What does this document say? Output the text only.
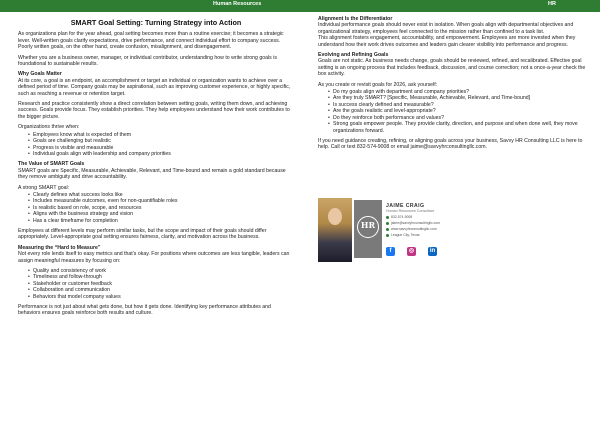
Human Resources	HR
SMART Goal Setting: Turning Strategy into Action

As organizations plan for the year ahead, goal setting becomes more than a routine exercise; it becomes a strategic lever. Well-written goals clarify expectations, drive performance, and connect individual effort to company success. Poorly written goals, on the other hand, create confusion, misalignment, and disengagement.

Whether you are a business owner, manager, or individual contributor, understanding how to write strong goals is foundational to sustainable results.

Why Goals Matter

At its core, a goal is an endpoint, an accomplishment or target an individual or organization wants to achieve over a defined period of time. Company goals may be aspirational, such as improving customer experience, or highly specific, such as reaching a revenue or retention target.

Research and practice consistently show a direct correlation between setting goals, writing them down, and achieving success. Goals provide focus. They establish priorities. They help employees understand how their work contributes to the bigger picture.

Organizations thrive when:
• Employees know what is expected of them
• Goals are challenging but realistic
• Progress is visible and measurable
• Individual goals align with leadership and company priorities
The Value of SMART Goals

SMART goals are Specific, Measurable, Achievable, Relevant, and Time-bound and remain a gold standard because they remove ambiguity and drive accountability.

A strong SMART goal:
• Clearly defines what success looks like
• Includes measurable outcomes, even for non-quantifiable roles
• Is realistic based on role, scope, and resources
• Aligns with the business strategy and vision
• Has a clear timeframe for completion

Employees at different levels may perform similar tasks, but the scope and impact of their goals should differ appropriately. Level-appropriate goal setting ensures fairness, clarity, and motivation across the business.

Measuring the “Hard to Measure”

Not every role lends itself to easy metrics and that’s okay. For positions where outcomes are less tangible, leaders can assign meaningful measures by focusing on:

• Quality and consistency of work
• Timeliness and follow-through
• Stakeholder or customer feedback
• Collaboration and communication
• Behaviors that model company values

Performance is not just about what gets done, but how it gets done. Identifying key performance attributes and behaviors ensures goals reinforce both results and culture.

Alignment Is the Differentiator
Individual performance goals should never exist in isolation. When goals align with departmental objectives and organizational strategy, employees feel connected to the mission rather than confined to a task list.

This alignment fosters engagement, accountability, and empowerment. Employees are more invested when they understand how their work drives outcomes and leaders gain clearer visibility into performance and progress.

Evolving and Refining Goals

Goals are not static. As business needs change, goals should be reviewed, refined, and recalibrated. Effective goal setting is an ongoing process that includes feedback, discussion, and course correction; not a once-a-year check the box activity.

As you create or revisit goals for 2026, ask yourself:
• Do my goals align with department and company priorities?
• Are they truly SMART? [Specific, Measurable, Achievable, Relevant, and Time-bound]
• Is success clearly defined and measurable?
• Are the goals realistic and level-appropriate?
• Do they reinforce both performance and values?
• Strong goals empower people. They provide clarity, direction, and purpose and when done well, they move organizations forward.

If you need guidance creating, refining, or aligning goals across your business, Savvy HR Consulting LLC is here to help. Call or text 832-574-9008 or email jaime@savvyhrconsultingllc.com.

HR
JAIME CRAIG
Human Resources Consultant
832-574-9008
jaime@savvyhrconsultingllc.com
www.savvyhrconsultingllc.com
League City, Texas
f	◎	in
